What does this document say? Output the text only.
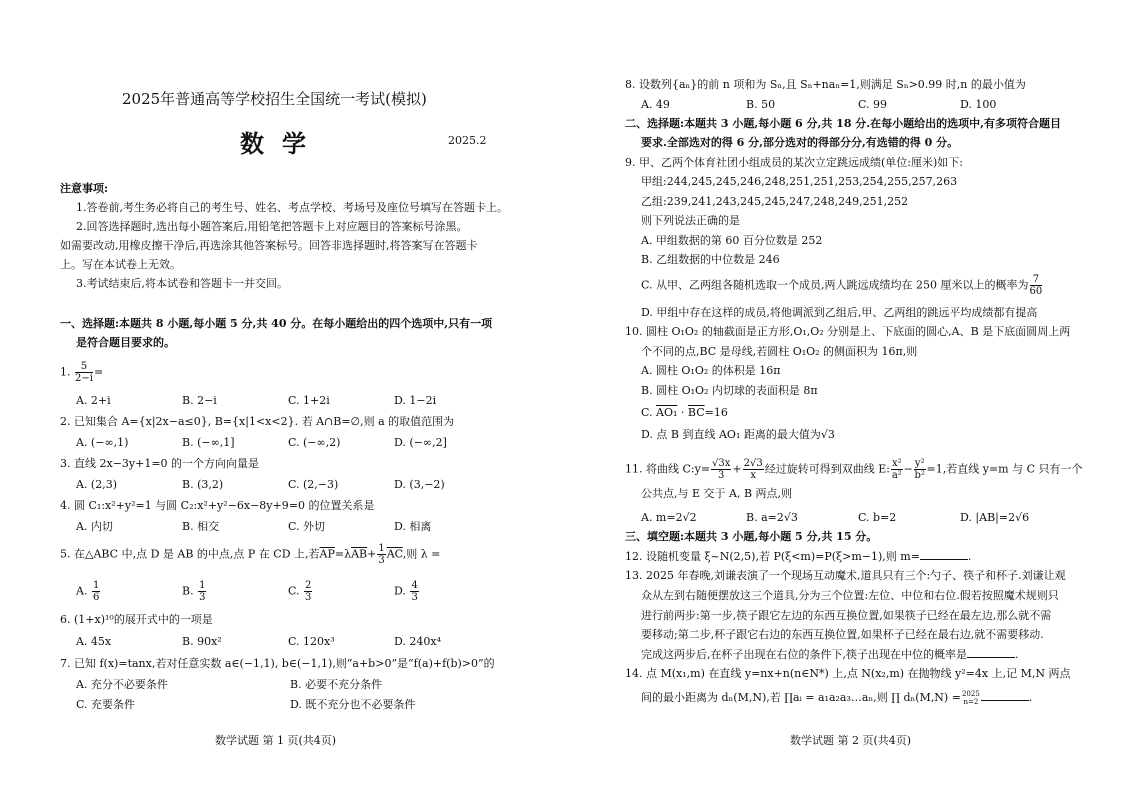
2025年普通高等学校招生全国统一考试(模拟)
数学	2025.2
注意事项:
1.答卷前,考生务必将自己的考生号、姓名、考点学校、考场号及座位号填写在答题卡上。
2.回答选择题时,选出每小题答案后,用铅笔把答题卡上对应题目的答案标号涂黑。
如需要改动,用橡皮擦干净后,再选涂其他答案标号。回答非选择题时,将答案写在答题卡
上。写在本试卷上无效。
3.考试结束后,将本试卷和答题卡一并交回。
一、选择题:本题共 8 小题,每小题 5 分,共 40 分。在每小题给出的四个选项中,只有一项
是符合题目要求的。
1. $\frac{5}{2-i}$ =
A. 2+i	B. 2−i	C. 1+2i	D. 1−2i
2. 已知集合 A={x|2x−a≤0}, B={x|1<x<2}. 若 A∩B=∅,则 a 的取值范围为
A. (−∞,1)	B. (−∞,1]	C. (−∞,2)	D. (−∞,2]
3. 直线 2x−3y+1=0 的一个方向向量是
A. (2,3)	B. (3,2)	C. (2,−3)	D. (3,−2)
4. 圆 C₁:x²+y²=1 与圆 C₂:x²+y²−6x−8y+9=0 的位置关系是
A. 内切	B. 相交	C. 外切	D. 相离
5. 在△ABC 中,点 D 是 AB 的中点,点 P 在 CD 上,若$\overline{AP}=\lambda\overline{AB}+ \frac{1}{3} \overline{AC}$,则 λ =
A. $\frac{1}{6}$	B. $\frac{1}{3}$	C. $\frac{2}{3}$	D. $\frac{4}{3}$
6. (1+x)¹⁰的展开式中的一项是
A. 45x	B. 90x²	C. 120x³	D. 240x⁴
7. 已知 f(x)=tanx,若对任意实数 a∈(−1,1), b∈(−1,1),则“a+b>0”是“f(a)+f(b)>0”的
A. 充分不必要条件	B. 必要不充分条件
C. 充要条件	D. 既不充分也不必要条件
数学试题 第 1 页(共4页)
8. 设数列{aₙ}的前 n 项和为 Sₙ,且 Sₙ+naₙ=1,则满足 Sₙ>0.99 时,n 的最小值为
A. 49	B. 50	C. 99	D. 100
二、选择题:本题共 3 小题,每小题 6 分,共 18 分.在每小题给出的选项中,有多项符合题目
要求.全部选对的得 6 分,部分选对的得部分分,有选错的得 0 分。
9. 甲、乙两个体育社团小组成员的某次立定跳远成绩(单位:厘米)如下:
甲组:244,245,245,246,248,251,251,253,254,255,257,263
乙组:239,241,243,245,245,247,248,249,251,252
则下列说法正确的是
A. 甲组数据的第 60 百分位数是 252
B. 乙组数据的中位数是 246
C. 从甲、乙两组各随机选取一个成员,两人跳远成绩均在 250 厘米以上的概率为 $\frac{7}{60}$
D. 甲组中存在这样的成员,将他调派到乙组后,甲、乙两组的跳远平均成绩都有提高
10. 圆柱 O₁O₂ 的轴截面是正方形,O₁,O₂ 分别是上、下底面的圆心,A、B 是下底面圆周上两
个不同的点,BC 是母线,若圆柱 O₁O₂ 的侧面积为 16π,则
A. 圆柱 O₁O₂ 的体积是 16π
B. 圆柱 O₁O₂ 内切球的表面积是 8π
C. $AO_1 \cdot \overline{BC}=16$
D. 点 B 到直线 AO₁ 距离的最大值为√3
11. 将曲线 C:y= $\frac{√3x}{3} + \frac{2√3}{x}$ 经过旋转可得到双曲线 E: $\frac{\text{x²}}{\text{a²}} - \frac{\text{y²}}{\text{b²}} =1$,若直线 y=m 与 C 只有一个
公共点,与 E 交于 A, B 两点,则
A. m=2√2	B. a=2√3	C. b=2	D. |AB|=2√6
三、填空题:本题共 3 小题,每小题 5 分,共 15 分。
12. 设随机变量 ξ~N(2,5),若 P(ξ<m)=P(ξ>m−1),则 m=	.
13. 2025 年春晚,刘谦表演了一个现场互动魔术,道具只有三个:勺子、筷子和杯子.刘谦让观
众从左到右随便摆放这三个道具,分为三个位置:左位、中位和右位.假若按照魔术规则只
进行前两步:第一步,筷子跟它左边的东西互换位置,如果筷子已经在最左边,那么就不需
要移动;第二步,杯子跟它右边的东西互换位置,如果杯子已经在最右边,就不需要移动.
完成这两步后,在杯子出现在右位的条件下,筷子出现在中位的概率是	.
14. 点 M(x₁,m) 在直线 y=nx+n(n∈N*) 上,点 N(x₂,m) 在抛物线 y²=4x 上,记 M,N 两点
间的最小距离为 dₙ(M,N),若 ∏aᵢ = a₁a₂a₃…aₙ,则 ∏ dₙ(M,N) = 2025
n=2	.
数学试题 第 2 页(共4页)
